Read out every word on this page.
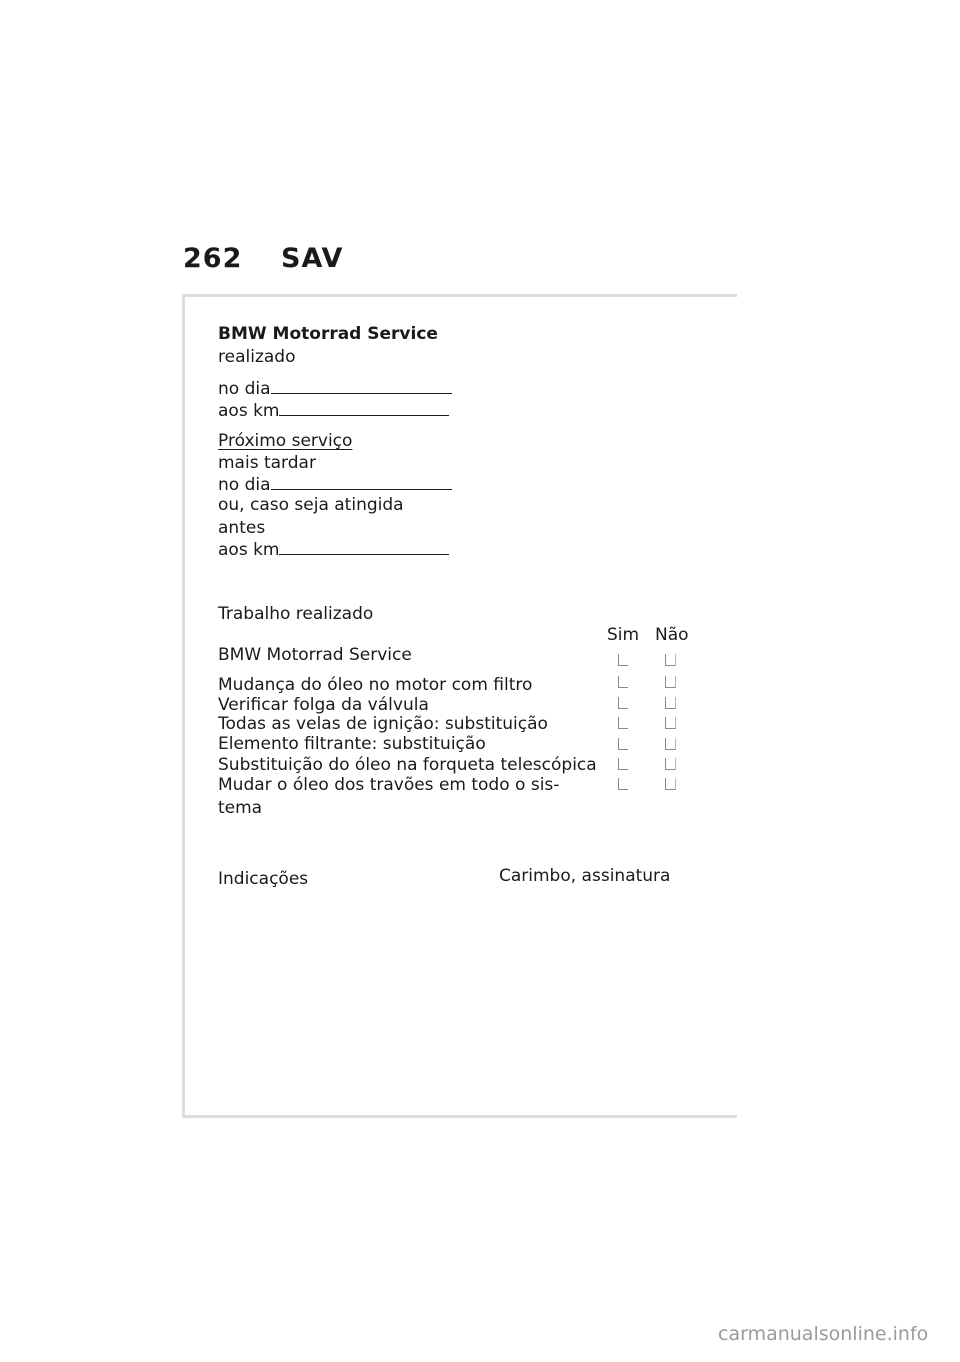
262 SAV
BMW Motorrad Service
realizado
no dia
aos km
Próximo serviço
mais tardar
no dia
ou, caso seja atingida
antes
aos km
Trabalho realizado
Sim Não
BMW Motorrad Service
Mudança do óleo no motor com filtro
Verificar folga da válvula
Todas as velas de ignição: substituição
Elemento filtrante: substituição
Substituição do óleo na forqueta telescópica
Mudar o óleo dos travões em todo o sis-
tema
Indicações	Carimbo, assinatura
carmanualsonline.info
